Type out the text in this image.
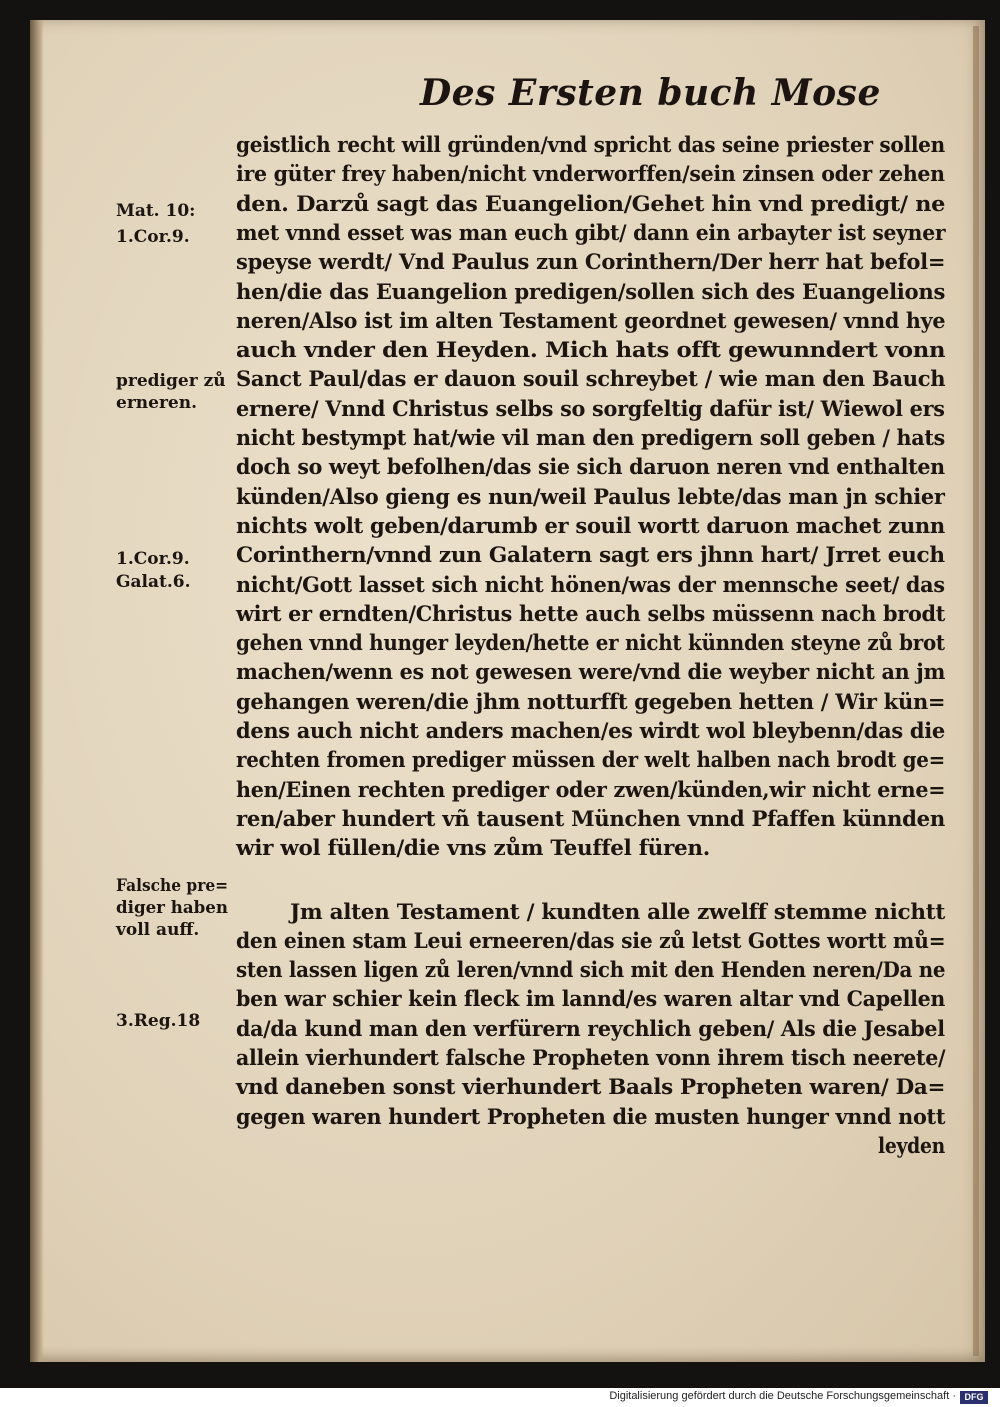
Des Ersten buch Mose
geistlich recht will gründen/vnd spricht das seine priester sollen
ire güter frey haben/nicht vnderworffen/sein zinsen oder zehen
den. Darzů sagt das Euangelion/Gehet hin vnd predigt/ ne
met vnnd esset was man euch gibt/ dann ein arbayter ist seyner
speyse werdt/ Vnd Paulus zun Corinthern/Der herr hat befol=
hen/die das Euangelion predigen/sollen sich des Euangelions
neren/Also ist im alten Testament geordnet gewesen/ vnnd hye
auch vnder den Heyden. Mich hats offt gewunndert vonn
Sanct Paul/das er dauon souil schreybet / wie man den Bauch
ernere/ Vnnd Christus selbs so sorgfeltig dafür ist/ Wiewol ers
nicht bestympt hat/wie vil man den predigern soll geben / hats
doch so weyt befolhen/das sie sich daruon neren vnd enthalten
künden/Also gieng es nun/weil Paulus lebte/das man jn schier
nichts wolt geben/darumb er souil wortt daruon machet zunn
Corinthern/vnnd zun Galatern sagt ers jhnn hart/ Jrret euch
nicht/Gott lasset sich nicht hönen/was der mennsche seet/ das
wirt er erndten/Christus hette auch selbs müssenn nach brodt
gehen vnnd hunger leyden/hette er nicht künnden steyne zů brot
machen/wenn es not gewesen were/vnd die weyber nicht an jm
gehangen weren/die jhm notturfft gegeben hetten / Wir kün=
dens auch nicht anders machen/es wirdt wol bleybenn/das die
rechten fromen prediger müssen der welt halben nach brodt ge=
hen/Einen rechten prediger oder zwen/künden,wir nicht erne=
ren/aber hundert vñ tausent München vnnd Pfaffen künnden
wir wol füllen/die vns zům Teuffel füren.
Jm alten Testament / kundten alle zwelff stemme nichtt
den einen stam Leui erneeren/das sie zů letst Gottes wortt mů=
sten lassen ligen zů leren/vnnd sich mit den Henden neren/Da ne
ben war schier kein fleck im lannd/es waren altar vnd Capellen
da/da kund man den verfürern reychlich geben/ Als die Jesabel
allein vierhundert falsche Propheten vonn ihrem tisch neerete/
vnd daneben sonst vierhundert Baals Propheten waren/ Da=
gegen waren hundert Propheten die musten hunger vnnd nott
leyden
Mat. 10:
1.Cor.9.
prediger zů
erneren.
1.Cor.9.
Galat.6.
Falsche pre=
diger haben
voll auff.
3.Reg.18
Digitalisierung gefördert durch die Deutsche Forschungsgemeinschaft · DFG
